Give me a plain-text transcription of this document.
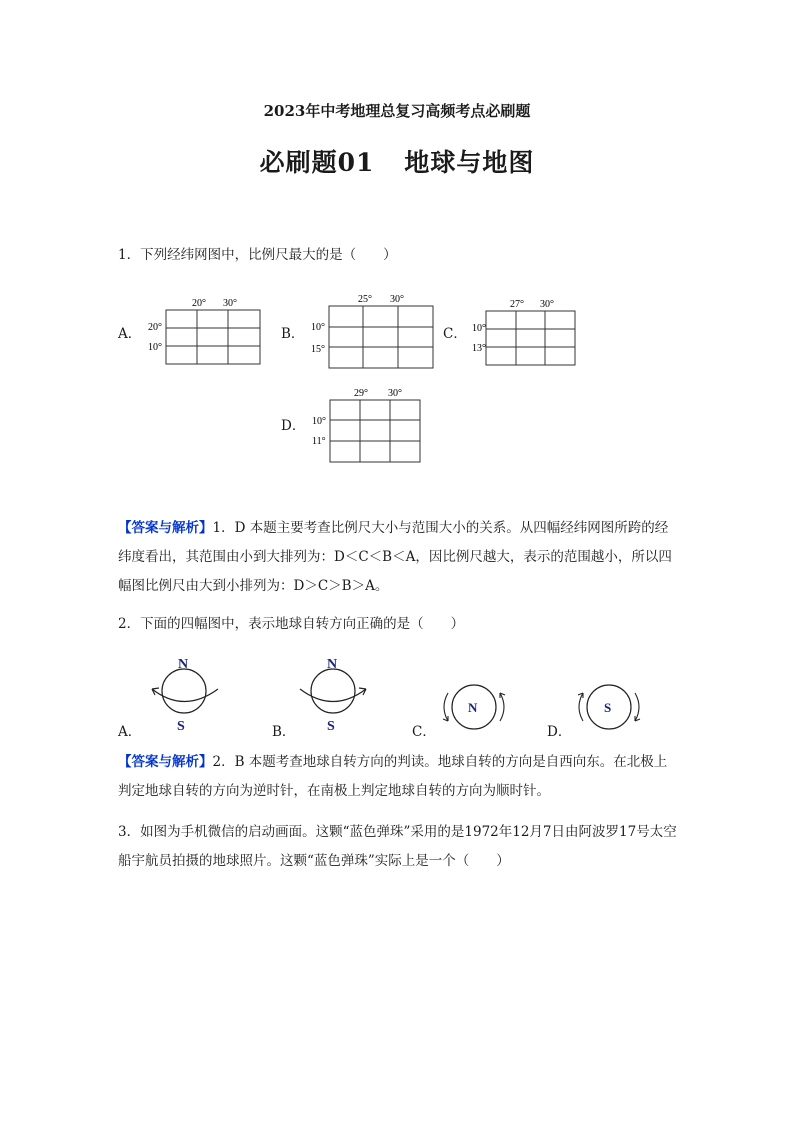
2023年中考地理总复习高频考点必刷题
必刷题01 地球与地图
1．下列经纬网图中，比例尺最大的是（　　）
A．
20° 30°
20°
10°
B．
25° 30°
10°
15°
C．
27° 30°
10°
13°
D．
29° 30°
10°
11°
【答案与解析】1．D 本题主要考查比例尺大小与范围大小的关系。从四幅经纬网图所跨的经纬度看出，其范围由小到大排列为：D＜C＜B＜A，因比例尺越大，表示的范围越小，所以四幅图比例尺由大到小排列为：D＞C＞B＞A。
2．下面的四幅图中，表示地球自转方向正确的是（　　）
A．
N
S	B．
N
S	C．
N
D．
S
【答案与解析】2．B 本题考查地球自转方向的判读。地球自转的方向是自西向东。在北极上判定地球自转的方向为逆时针，在南极上判定地球自转的方向为顺时针。
3．如图为手机微信的启动画面。这颗“蓝色弹珠”采用的是1972年12月7日由阿波罗17号太空船宇航员拍摄的地球照片。这颗“蓝色弹珠”实际上是一个（　　）
